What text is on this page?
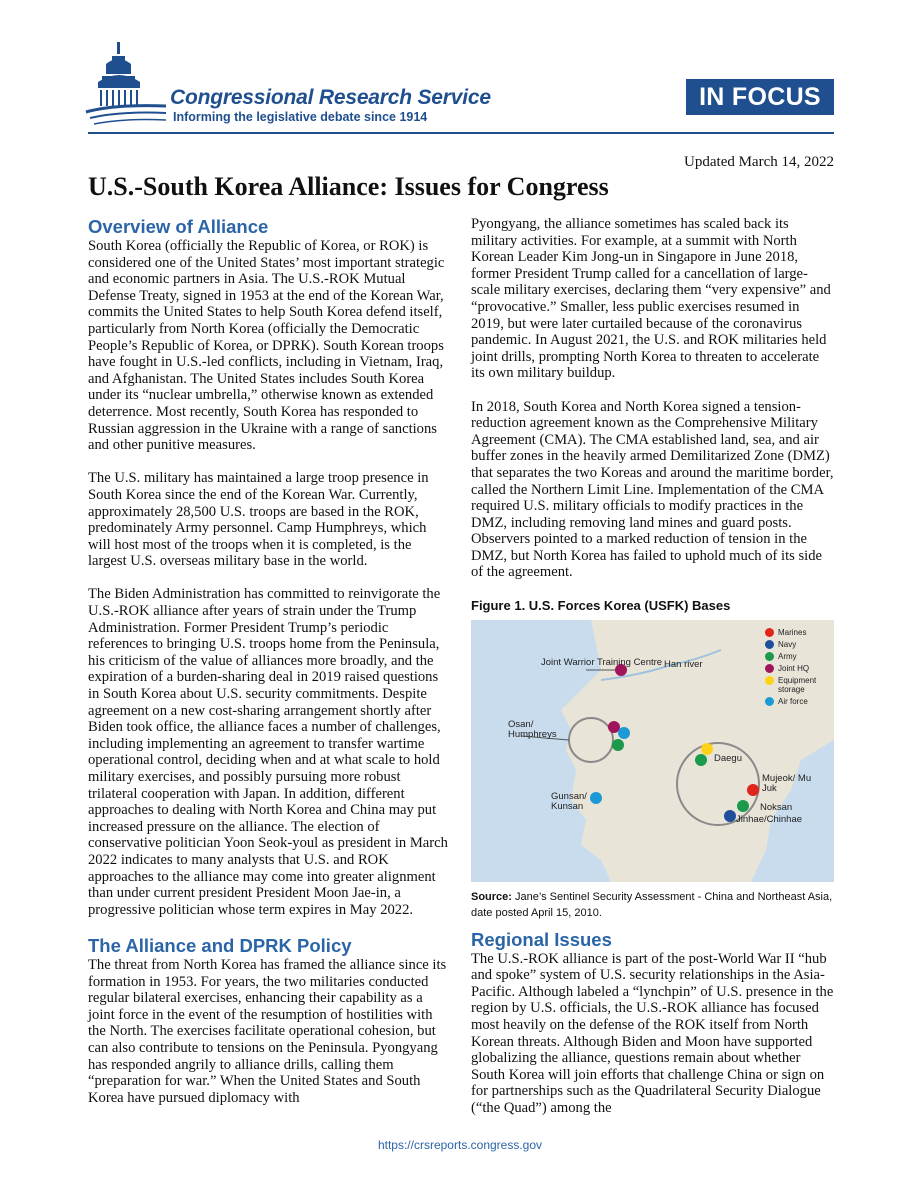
Congressional Research Service
Informing the legislative debate since 1914
IN FOCUS
Updated March 14, 2022
U.S.-South Korea Alliance: Issues for Congress
Overview of Alliance

South Korea (officially the Republic of Korea, or ROK) is considered one of the United States’ most important strategic and economic partners in Asia. The U.S.-ROK Mutual Defense Treaty, signed in 1953 at the end of the Korean War, commits the United States to help South Korea defend itself, particularly from North Korea (officially the Democratic People’s Republic of Korea, or DPRK). South Korean troops have fought in U.S.-led conflicts, including in Vietnam, Iraq, and Afghanistan. The United States includes South Korea under its “nuclear umbrella,” otherwise known as extended deterrence. Most recently, South Korea has responded to Russian aggression in the Ukraine with a range of sanctions and other punitive measures.

The U.S. military has maintained a large troop presence in South Korea since the end of the Korean War. Currently, approximately 28,500 U.S. troops are based in the ROK, predominately Army personnel. Camp Humphreys, which will host most of the troops when it is completed, is the largest U.S. overseas military base in the world.

The Biden Administration has committed to reinvigorate the U.S.-ROK alliance after years of strain under the Trump Administration. Former President Trump’s periodic references to bringing U.S. troops home from the Peninsula, his criticism of the value of alliances more broadly, and the expiration of a burden-sharing deal in 2019 raised questions in South Korea about U.S. security commitments. Despite agreement on a new cost-sharing arrangement shortly after Biden took office, the alliance faces a number of challenges, including implementing an agreement to transfer wartime operational control, deciding when and at what scale to hold military exercises, and possibly pursuing more robust trilateral cooperation with Japan. In addition, different approaches to dealing with North Korea and China may put increased pressure on the alliance. The election of conservative politician Yoon Seok-youl as president in March 2022 indicates to many analysts that U.S. and ROK approaches to the alliance may come into greater alignment than under current president President Moon Jae-in, a progressive politician whose term expires in May 2022.

The Alliance and DPRK Policy

The threat from North Korea has framed the alliance since its formation in 1953. For years, the two militaries conducted regular bilateral exercises, enhancing their capability as a joint force in the event of the resumption of hostilities with the North. The exercises facilitate operational cohesion, but can also contribute to tensions on the Peninsula. Pyongyang has responded angrily to alliance drills, calling them “preparation for war.” When the United States and South Korea have pursued diplomacy with

Pyongyang, the alliance sometimes has scaled back its military activities. For example, at a summit with North Korean Leader Kim Jong-un in Singapore in June 2018, former President Trump called for a cancellation of large-scale military exercises, declaring them “very expensive” and “provocative.” Smaller, less public exercises resumed in 2019, but were later curtailed because of the coronavirus pandemic. In August 2021, the U.S. and ROK militaries held joint drills, prompting North Korea to threaten to accelerate its own military buildup.

In 2018, South Korea and North Korea signed a tension-reduction agreement known as the Comprehensive Military Agreement (CMA). The CMA established land, sea, and air buffer zones in the heavily armed Demilitarized Zone (DMZ) that separates the two Koreas and around the maritime border, called the Northern Limit Line. Implementation of the CMA required U.S. military officials to modify practices in the DMZ, including removing land mines and guard posts. Observers pointed to a marked reduction of tension in the DMZ, but North Korea has failed to uphold much of its side of the agreement.

Figure 1. U.S. Forces Korea (USFK) Bases
Joint Warrior Training Centre Han river
Osan/ Humphreys
Daegu
Mujeok/ Mu Juk
Gunsan/ Kunsan	Noksan
Jinhae/Chinhae
Marines
Navy
Army
Joint HQ
Equipment storage
Air force
Source: Jane’s Sentinel Security Assessment - China and Northeast Asia, date posted April 15, 2010.
Regional Issues

The U.S.-ROK alliance is part of the post-World War II “hub and spoke” system of U.S. security relationships in the Asia-Pacific. Although labeled a “lynchpin” of U.S. presence in the region by U.S. officials, the U.S.-ROK alliance has focused most heavily on the defense of the ROK itself from North Korean threats. Although Biden and Moon have supported globalizing the alliance, questions remain about whether South Korea will join efforts that challenge China or sign on for partnerships such as the Quadrilateral Security Dialogue (“the Quad”) among the

https://crsreports.congress.gov
